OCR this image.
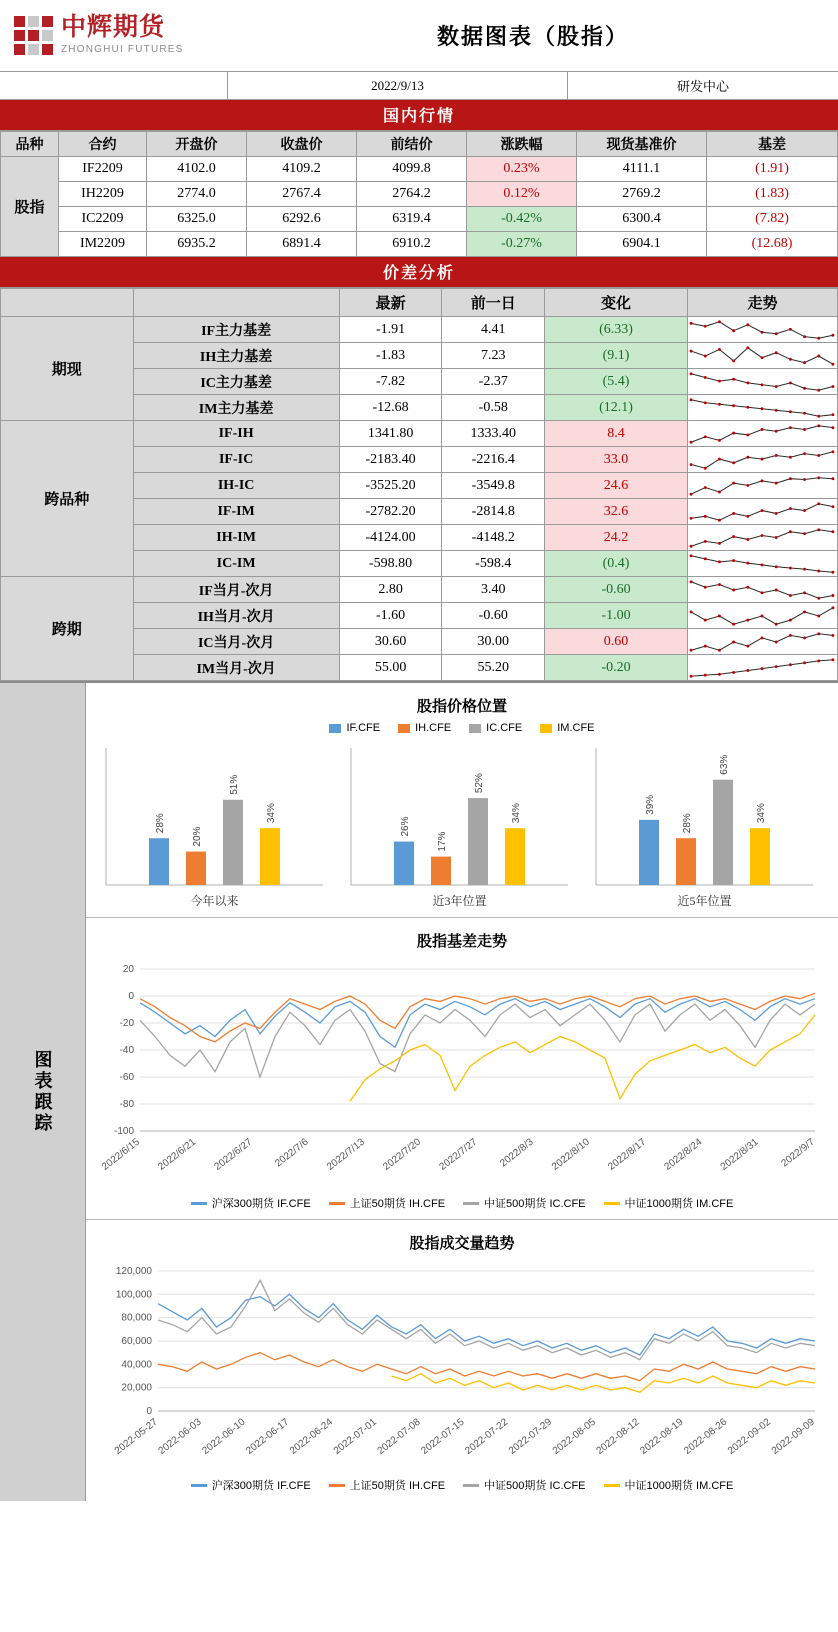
中辉期货
ZHONGHUI FUTURES
数据图表（股指）
2022/9/13	研发中心
国内行情
品种	合约	开盘价	收盘价	前结价	涨跌幅	现货基准价	基差
股指	IF2209	4102.0	4109.2	4099.8	0.23%	4111.1	(1.91)
	IH2209	2774.0	2767.4	2764.2	0.12%	2769.2	(1.83)
	IC2209	6325.0	6292.6	6319.4	-0.42%	6300.4	(7.82)
	IM2209	6935.2	6891.4	6910.2	-0.27%	6904.1	(12.68)
价差分析
		最新	前一日	变化	走势
期现	IF主力基差	-1.91	4.41	(6.33)	

	IH主力基差	-1.83	7.23	(9.1)	

	IC主力基差	-7.82	-2.37	(5.4)	

	IM主力基差	-12.68	-0.58	(12.1)	

跨品种	IF-IH	1341.80	1333.40	8.4	

	IF-IC	-2183.40	-2216.4	33.0	

	IH-IC	-3525.20	-3549.8	24.6	

	IF-IM	-2782.20	-2814.8	32.6	

	IH-IM	-4124.00	-4148.2	24.2	

	IC-IM	-598.80	-598.4	(0.4)	

跨期	IF当月-次月	2.80	3.40	-0.60	

	IH当月-次月	-1.60	-0.60	-1.00	

	IC当月-次月	30.60	30.00	0.60	

	IM当月-次月	55.00	55.20	-0.20	
图表跟踪
股指价格位置
IF.CFE	IH.CFE	IC.CFE	IM.CFE
28%
20%
51%
34%
今年以来
26%
17%
52%
34%
近3年位置
39%
28%
63%
34%
近5年位置
股指基差走势
20
0
-20
-40
-60
-80
-100
2022/6/15 2022/6/21 2022/6/27 2022/7/6 2022/7/13 2022/7/20 2022/7/27 2022/8/3 2022/8/10 2022/8/17 2022/8/24 2022/8/31 2022/9/7
沪深300期货 IF.CFE	上证50期货 IH.CFE	中证500期货 IC.CFE	中证1000期货 IM.CFE
股指成交量趋势
120,000
100,000
80,000
60,000
40,000
20,000
0
2022-05-27
2022-06-03
2022-06-10
2022-06-17
2022-06-24
2022-07-01
2022-07-08
2022-07-15
2022-07-22
2022-07-29
2022-08-05
2022-08-12
2022-08-19
2022-08-26
2022-09-02
2022-09-09
沪深300期货 IF.CFE	上证50期货 IH.CFE	中证500期货 IC.CFE	中证1000期货 IM.CFE
